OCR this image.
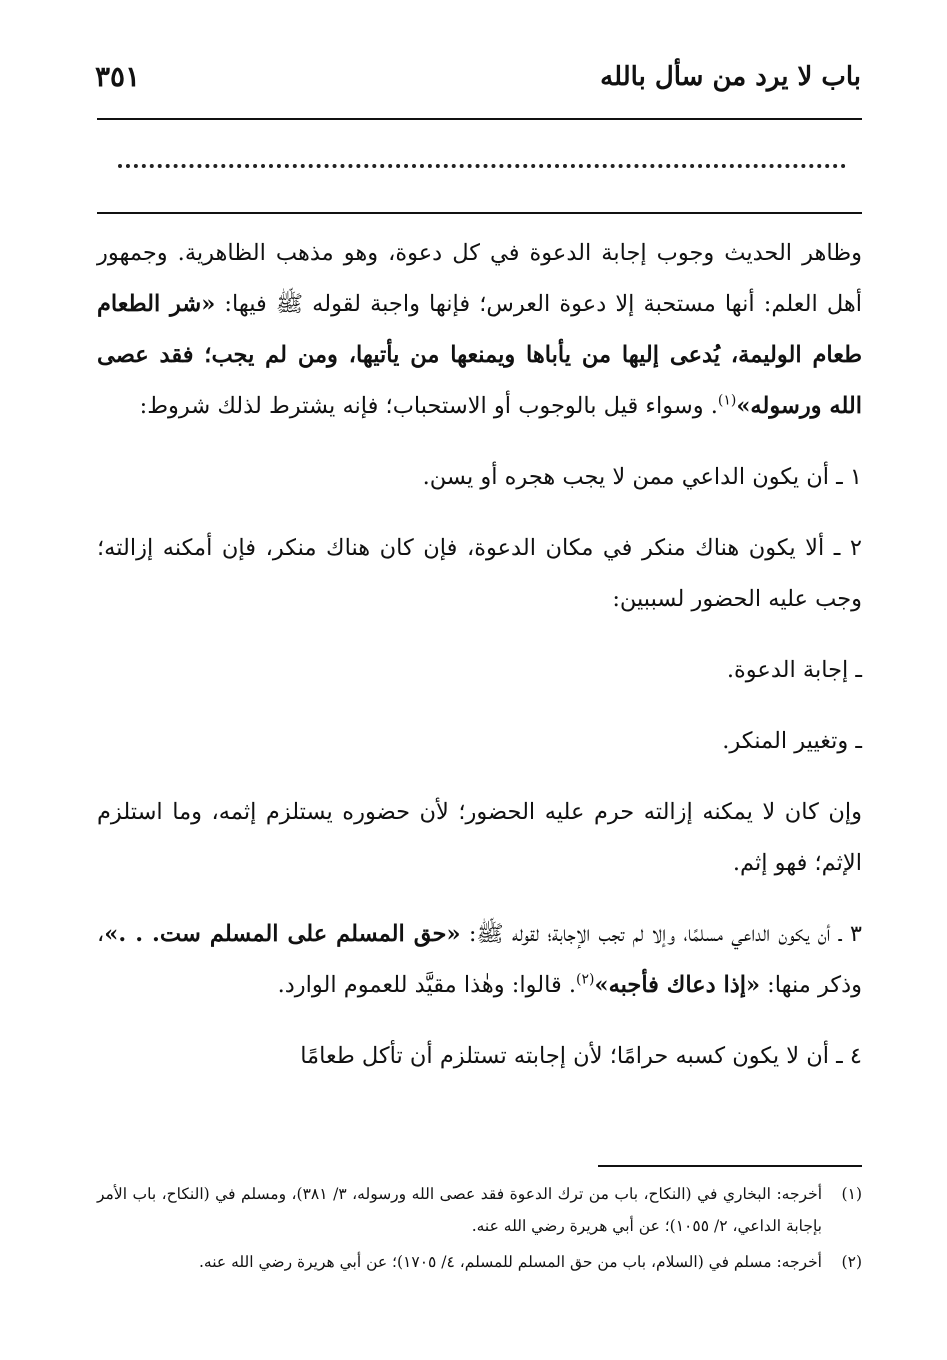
باب لا يرد من سأل بالله
٣٥١

وظاهر الحديث وجوب إجابة الدعوة في كل دعوة، وهو مذهب الظاهرية. وجمهور أهل العلم: أنها مستحبة إلا دعوة العرس؛ فإنها واجبة لقوله ﷺ فيها: «شر الطعام طعام الوليمة، يُدعى إليها من يأباها ويمنعها من يأتيها، ومن لم يجب؛ فقد عصى الله ورسوله»$^{(١)}$. وسواء قيل بالوجوب أو الاستحباب؛ فإنه يشترط لذلك شروط:

١ ـ أن يكون الداعي ممن لا يجب هجره أو يسن.

٢ ـ ألا يكون هناك منكر في مكان الدعوة، فإن كان هناك منكر، فإن أمكنه إزالته؛ وجب عليه الحضور لسببين:

ـ إجابة الدعوة.

ـ وتغيير المنكر.

وإن كان لا يمكنه إزالته حرم عليه الحضور؛ لأن حضوره يستلزم إثمه، وما استلزم الإثم؛ فهو إثم.

٣ ـ أن يكون الداعي مسلمًا، وإلا لم تجب الإجابة؛ لقوله ﷺ: «حق المسلم على المسلم ست. . .»، وذكر منها: «إذا دعاك فأجبه»$^{(٢)}$. قالوا: وهٰذا مقيَّد للعموم الوارد.

٤ ـ أن لا يكون كسبه حرامًا؛ لأن إجابته تستلزم أن تأكل طعامًا

(١)
أخرجه: البخاري في (النكاح، باب من ترك الدعوة فقد عصى الله ورسوله، ٣/ ٣٨١)، ومسلم في (النكاح، باب الأمر بإجابة الداعي، ٢/ ١٠٥٥)؛ عن أبي هريرة رضي الله عنه.
(٢)
أخرجه: مسلم في (السلام، باب من حق المسلم للمسلم، ٤/ ١٧٠٥)؛ عن أبي هريرة رضي الله عنه.
